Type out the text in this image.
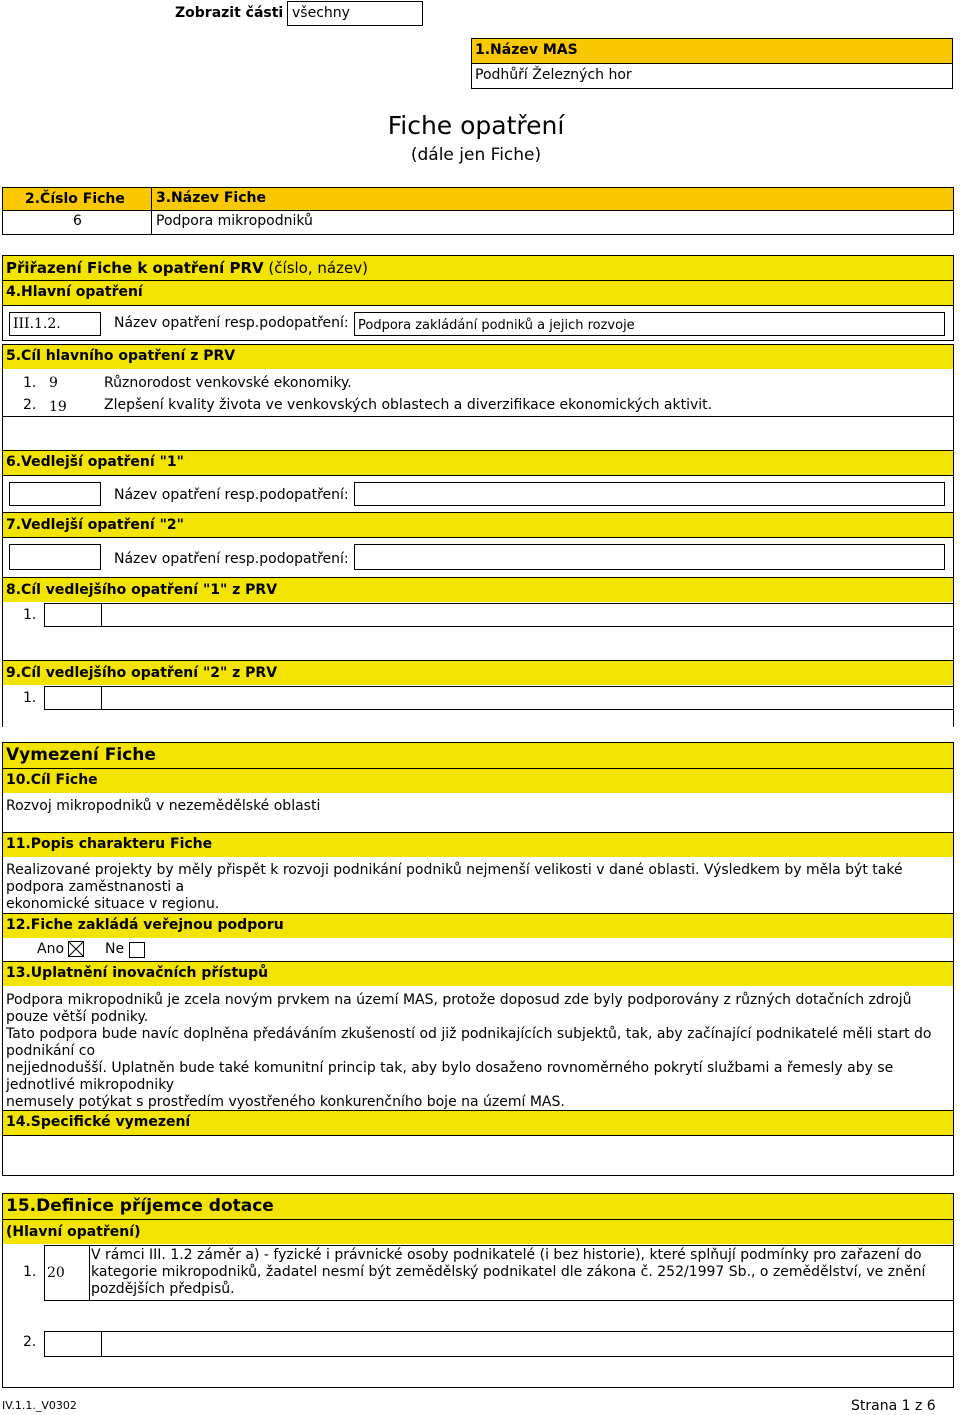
Zobrazit části všechny
1.Název MAS
Podhůří Železných hor
Fiche opatření
(dále jen Fiche)
2.Číslo Fiche	3.Název Fiche
6	Podpora mikropodniků
Přiřazení Fiche k opatření PRV (číslo, název)
4.Hlavní opatření
III.1.2.	Název opatření resp.podopatření: Podpora zakládání podniků a jejich rozvoje
5.Cíl hlavního opatření z PRV
1. 9	Různorodost venkovské ekonomiky.
2. 19	Zlepšení kvality života ve venkovských oblastech a diverzifikace ekonomických aktivit.
6.Vedlejší opatření "1"
Název opatření resp.podopatření:
7.Vedlejší opatření "2"
Název opatření resp.podopatření:
8.Cíl vedlejšího opatření "1" z PRV
1.
9.Cíl vedlejšího opatření "2" z PRV
1.
Vymezení Fiche
10.Cíl Fiche
Rozvoj mikropodniků v nezemědělské oblasti
11.Popis charakteru Fiche
Realizované projekty by měly přispět k rozvoji podnikání podniků nejmenší velikosti v dané oblasti. Výsledkem by měla být také
podpora zaměstnanosti a
ekonomické situace v regionu.
12.Fiche zakládá veřejnou podporu
Ano	Ne
13.Uplatnění inovačních přístupů
Podpora mikropodniků je zcela novým prvkem na území MAS, protože doposud zde byly podporovány z různých dotačních zdrojů
pouze větší podniky.
Tato podpora bude navíc doplněna předáváním zkušeností od již podnikajících subjektů, tak, aby začínající podnikatelé měli start do
podnikání co
nejjednodušší. Uplatněn bude také komunitní princip tak, aby bylo dosaženo rovnoměrného pokrytí službami a řemesly aby se
jednotlivé mikropodniky
nemusely potýkat s prostředím vyostřeného konkurenčního boje na území MAS.
14.Specifické vymezení
15.Definice příjemce dotace
(Hlavní opatření)
1. 20
V rámci III. 1.2 záměr a) - fyzické i právnické osoby podnikatelé (i bez historie), které splňují podmínky pro zařazení do
kategorie mikropodniků, žadatel nesmí být zemědělský podnikatel dle zákona č. 252/1997 Sb., o zemědělství, ve znění
pozdějších předpisů.
2.
IV.1.1._V0302	Strana 1 z 6
